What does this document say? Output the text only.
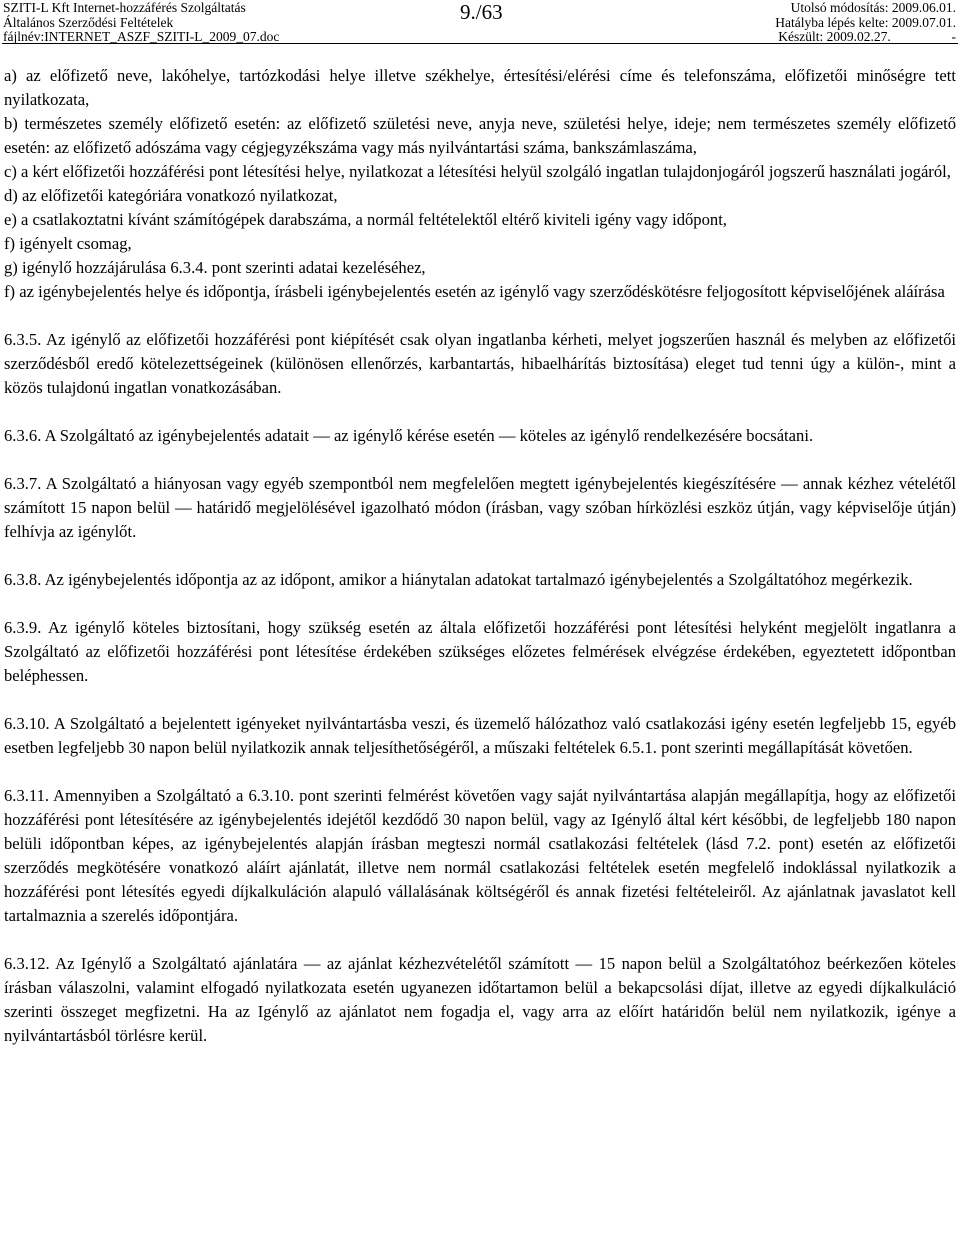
SZITI-L Kft Internet-hozzáférés Szolgáltatás
Általános Szerződési Feltételek
fájlnév:INTERNET_ASZF_SZITI-L_2009_07.doc
9./63	Utolsó módosítás: 2009.06.01.
Hatályba lépés kelte: 2009.07.01.
Készült: 2009.02.27.	-

a) az előfizető neve, lakóhelye, tartózkodási helye illetve székhelye, értesítési/elérési címe és telefonszáma, előfizetői minőségre tett nyilatkozata,

b) természetes személy előfizető esetén: az előfizető születési neve, anyja neve, születési helye, ideje; nem természetes személy előfizető esetén: az előfizető adószáma vagy cégjegyzékszáma vagy más nyilvántartási száma, bankszámlaszáma,

c) a kért előfizetői hozzáférési pont létesítési helye, nyilatkozat a létesítési helyül szolgáló ingatlan tulajdonjogáról jogszerű használati jogáról,

d) az előfizetői kategóriára vonatkozó nyilatkozat,

e) a csatlakoztatni kívánt számítógépek darabszáma, a normál feltételektől eltérő kiviteli igény vagy időpont,

f) igényelt csomag,

g) igénylő hozzájárulása 6.3.4. pont szerinti adatai kezeléséhez,

f) az igénybejelentés helye és időpontja, írásbeli igénybejelentés esetén az igénylő vagy szerződéskötésre feljogosított képviselőjének aláírása

6.3.5. Az igénylő az előfizetői hozzáférési pont kiépítését csak olyan ingatlanba kérheti, melyet jogszerűen használ és melyben az előfizetői szerződésből eredő kötelezettségeinek (különösen ellenőrzés, karbantartás, hibaelhárítás biztosítása) eleget tud tenni úgy a külön-, mint a közös tulajdonú ingatlan vonatkozásában.

6.3.6. A Szolgáltató az igénybejelentés adatait — az igénylő kérése esetén — köteles az igénylő rendelkezésére bocsátani.

6.3.7. A Szolgáltató a hiányosan vagy egyéb szempontból nem megfelelően megtett igénybejelentés kiegészítésére — annak kézhez vételétől számított 15 napon belül — határidő megjelölésével igazolható módon (írásban, vagy szóban hírközlési eszköz útján, vagy képviselője útján) felhívja az igénylőt.

6.3.8. Az igénybejelentés időpontja az az időpont, amikor a hiánytalan adatokat tartalmazó igénybejelentés a Szolgáltatóhoz megérkezik.

6.3.9. Az igénylő köteles biztosítani, hogy szükség esetén az általa előfizetői hozzáférési pont létesítési helyként megjelölt ingatlanra a Szolgáltató az előfizetői hozzáférési pont létesítése érdekében szükséges előzetes felmérések elvégzése érdekében, egyeztetett időpontban beléphessen.

6.3.10. A Szolgáltató a bejelentett igényeket nyilvántartásba veszi, és üzemelő hálózathoz való csatlakozási igény esetén legfeljebb 15, egyéb esetben legfeljebb 30 napon belül nyilatkozik annak teljesíthetőségéről, a műszaki feltételek 6.5.1. pont szerinti megállapítását követően.

6.3.11. Amennyiben a Szolgáltató a 6.3.10. pont szerinti felmérést követően vagy saját nyilvántartása alapján megállapítja, hogy az előfizetői hozzáférési pont létesítésére az igénybejelentés idejétől kezdődő 30 napon belül, vagy az Igénylő által kért későbbi, de legfeljebb 180 napon belüli időpontban képes, az igénybejelentés alapján írásban megteszi normál csatlakozási feltételek (lásd 7.2. pont) esetén az előfizetői szerződés megkötésére vonatkozó aláírt ajánlatát, illetve nem normál csatlakozási feltételek esetén megfelelő indoklással nyilatkozik a hozzáférési pont létesítés egyedi díjkalkuláción alapuló vállalásának költségéről és annak fizetési feltételeiről. Az ajánlatnak javaslatot kell tartalmaznia a szerelés időpontjára.

6.3.12. Az Igénylő a Szolgáltató ajánlatára — az ajánlat kézhezvételétől számított — 15 napon belül a Szolgáltatóhoz beérkezően köteles írásban válaszolni, valamint elfogadó nyilatkozata esetén ugyanezen időtartamon belül a bekapcsolási díjat, illetve az egyedi díjkalkuláció szerinti összeget megfizetni. Ha az Igénylő az ajánlatot nem fogadja el, vagy arra az előírt határidőn belül nem nyilatkozik, igénye a nyilvántartásból törlésre kerül.
